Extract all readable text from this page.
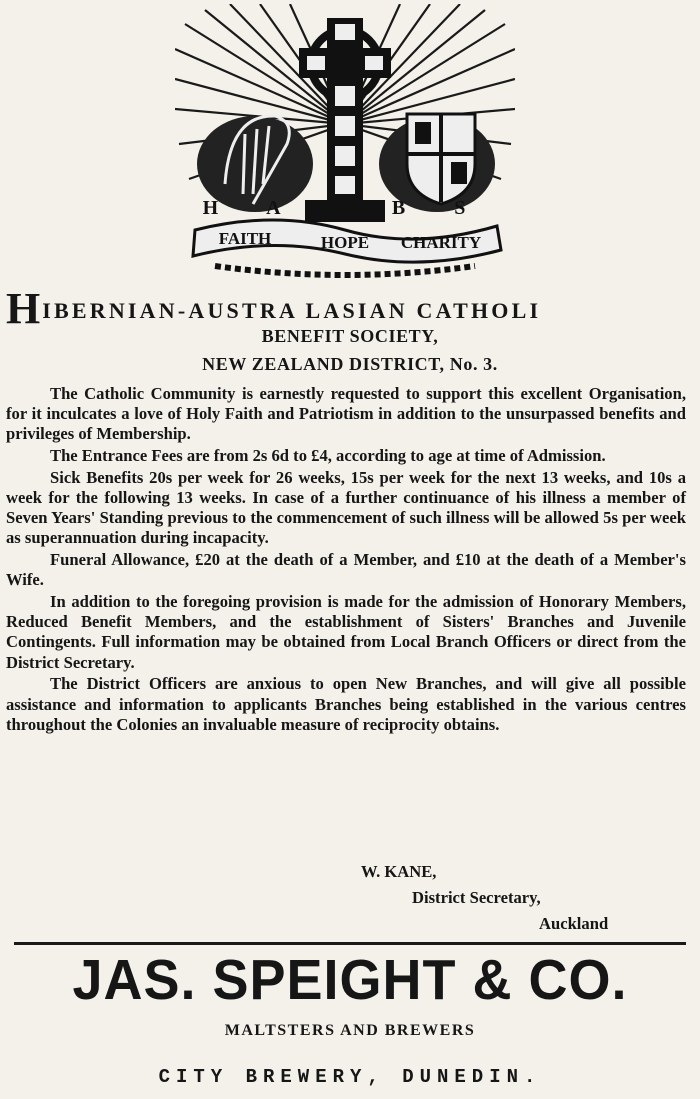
H A C B S
FAITH	HOPE CHARITY
H IBERNIAN-AUSTRA LASIAN CATHOLI
BENEFIT SOCIETY,
NEW ZEALAND DISTRICT, No. 3.

The Catholic Community is earnestly requested to support this excellent Organisation, for it inculcates a love of Holy Faith and Patriotism in addition to the unsurpassed benefits and privileges of Membership.

The Entrance Fees are from 2s 6d to £4, according to age at time of Admission.

Sick Benefits 20s per week for 26 weeks, 15s per week for the next 13 weeks, and 10s a week for the following 13 weeks. In case of a further continuance of his illness a member of Seven Years' Standing previous to the commencement of such illness will be allowed 5s per week as superannuation during incapacity.

Funeral Allowance, £20 at the death of a Member, and £10 at the death of a Member's Wife.

In addition to the foregoing provision is made for the admission of Honorary Members, Reduced Benefit Members, and the establishment of Sisters' Branches and Juvenile Contingents. Full information may be obtained from Local Branch Officers or direct from the District Secretary.

The District Officers are anxious to open New Branches, and will give all possible assistance and information to applicants Branches being established in the various centres throughout the Colonies an invaluable measure of reciprocity obtains.

W. KANE,
District Secretary,
Auckland
JAS. SPEIGHT & CO.
MALTSTERS AND BREWERS
CITY BREWERY, DUNEDIN.
